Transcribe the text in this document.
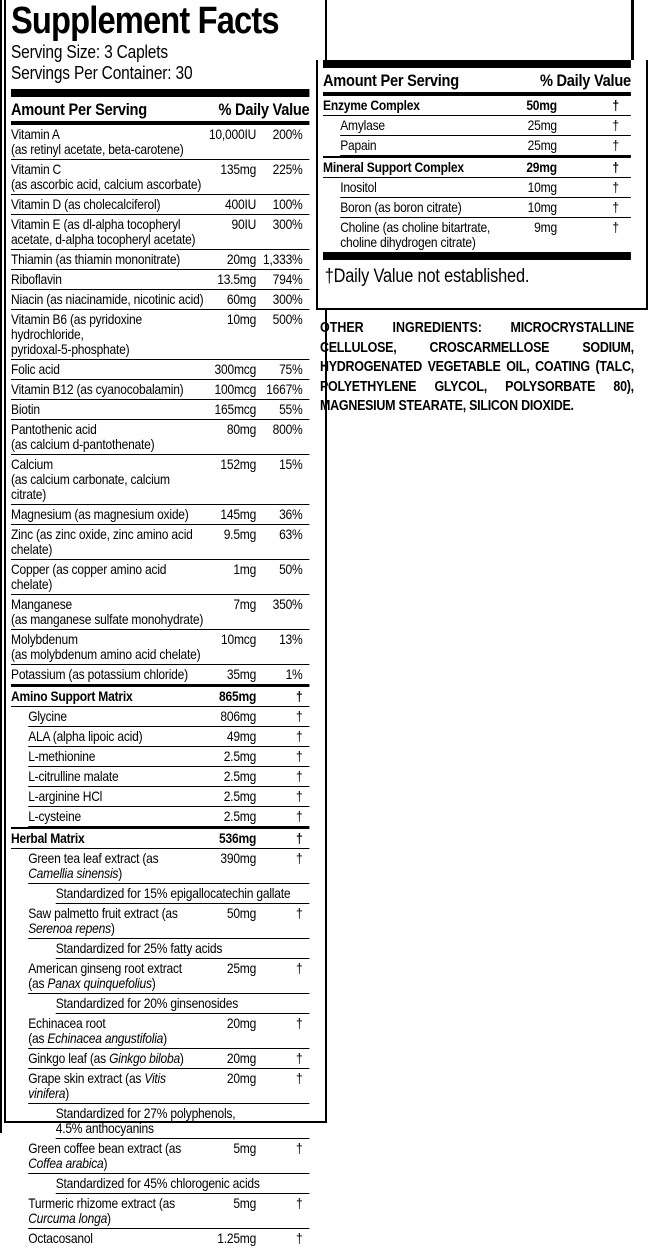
Supplement Facts
Serving Size: 3 Caplets
Servings Per Container: 30
Amount Per Serving	% Daily Value
Vitamin A
(as retinyl acetate, beta-carotene)
10,000IU 200%
Vitamin C
(as ascorbic acid, calcium ascorbate)
135mg 225%
Vitamin D (as cholecalciferol)	400IU 100%
Vitamin E (as dl-alpha tocopheryl
acetate, d-alpha tocopheryl acetate)
90IU 300%
Thiamin (as thiamin mononitrate)	20mg 1,333%
Riboflavin	13.5mg 794%
Niacin (as niacinamide, nicotinic acid) 60mg 300%
Vitamin B6 (as pyridoxine hydrochloride,
pyridoxal-5-phosphate)
10mg 500%
Folic acid	300mcg 75%
Vitamin B12 (as cyanocobalamin)	100mcg 1667%
Biotin	165mcg 55%
Pantothenic acid
(as calcium d-pantothenate)
80mg 800%
Calcium
(as calcium carbonate, calcium citrate)
152mg 15%
Magnesium (as magnesium oxide)	145mg 36%
Zinc (as zinc oxide, zinc amino acid chelate)
9.5mg 63%
Copper (as copper amino acid chelate)
1mg 50%
Manganese
(as manganese sulfate monohydrate)
7mg 350%
Molybdenum
(as molybdenum amino acid chelate)
10mcg 13%
Potassium (as potassium chloride)	35mg 1%
Amino Support Matrix	865mg	†
Glycine	806mg	†
ALA (alpha lipoic acid)	49mg	†
L-methionine	2.5mg	†
L-citrulline malate	2.5mg	†
L-arginine HCl	2.5mg	†
L-cysteine	2.5mg	†
Herbal Matrix	536mg	†
Green tea leaf extract (as Camellia sinensis)
390mg	†
Standardized for 15% epigallocatechin gallate
Saw palmetto fruit extract (as Serenoa repens)
50mg	†
Standardized for 25% fatty acids
American ginseng root extract
(as Panax quinquefolius)
25mg	†
Standardized for 20% ginsenosides
Echinacea root
(as Echinacea angustifolia)
20mg	†
Ginkgo leaf (as Ginkgo biloba)	20mg	†
Grape skin extract (as Vitis vinifera)
20mg	†
Standardized for 27% polyphenols,
4.5% anthocyanins
Green coffee bean extract (as Coffea arabica)
5mg	†
Standardized for 45% chlorogenic acids
Turmeric rhizome extract (as Curcuma longa)
5mg	†
Octacosanol	1.25mg	†
Amount Per Serving	% Daily Value
Enzyme Complex	50mg	†
Amylase	25mg	†
Papain	25mg	†
Mineral Support Complex	29mg	†
Inositol	10mg	†
Boron (as boron citrate)	10mg	†
Choline (as choline bitartrate,
choline dihydrogen citrate)
9mg	†
†Daily Value not established.
OTHER INGREDIENTS: MICROCRYSTALLINE CELLULOSE, CROSCARMELLOSE SODIUM, HYDROGENATED VEGETABLE OIL, COATING (TALC, POLYETHYLENE GLYCOL, POLYSORBATE 80), MAGNESIUM STEARATE, SILICON DIOXIDE.
